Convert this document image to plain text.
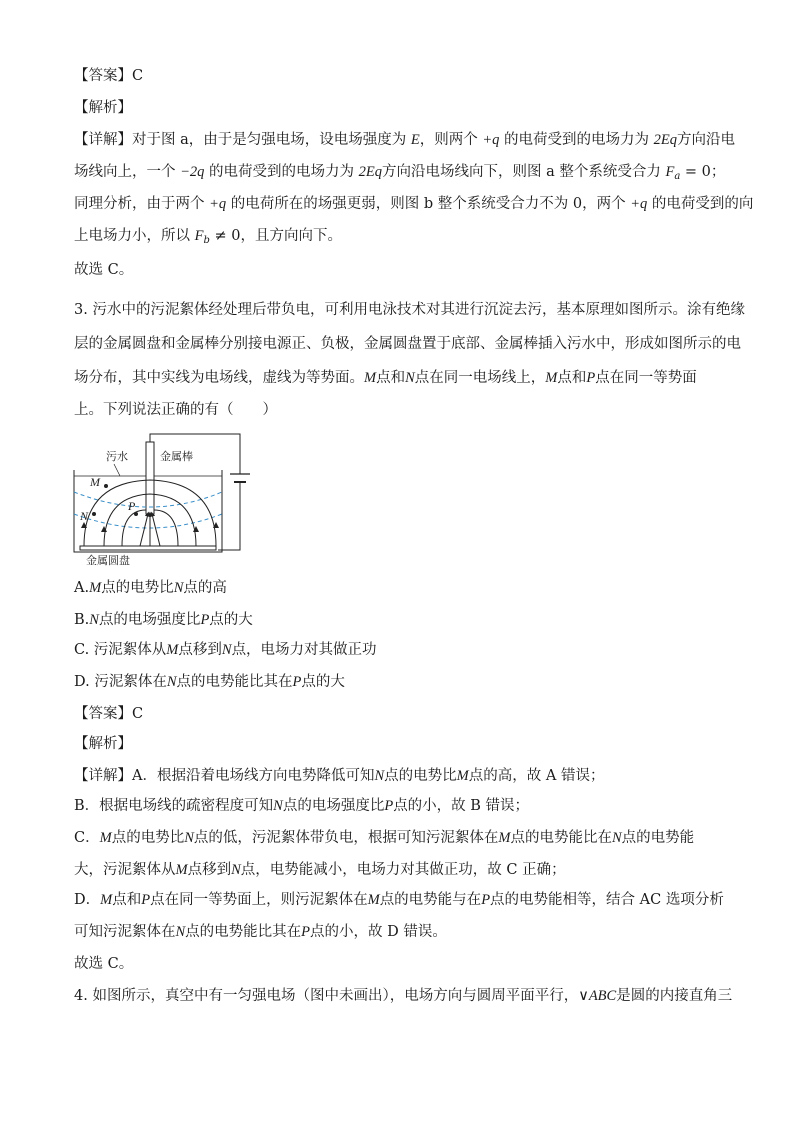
【答案】C
【解析】
【详解】对于图 a，由于是匀强电场，设电场强度为 E，则两个 +q 的电荷受到的电场力为 2Eq方向沿电
场线向上，一个 −2q 的电荷受到的电场力为 2Eq方向沿电场线向下，则图 a 整个系统受合力 $F_a = 0$；
同理分析，由于两个 +q 的电荷所在的场强更弱，则图 b 整个系统受合力不为 0，两个 +q 的电荷受到的向
上电场力小，所以 $F_b \ne 0$，且方向向下。
故选 C。
3. 污水中的污泥絮体经处理后带负电，可利用电泳技术对其进行沉淀去污，基本原理如图所示。涂有绝缘
层的金属圆盘和金属棒分别接电源正、负极，金属圆盘置于底部、金属棒插入污水中，形成如图所示的电
场分布，其中实线为电场线，虚线为等势面。M点和N点在同一电场线上，M点和P点在同一等势面
上。下列说法正确的有（　　）
污水	金属棒
金属圆盘
M
N
P
A.M点的电势比N点的高
B.N点的电场强度比P点的大
C. 污泥絮体从M点移到N点，电场力对其做正功
D. 污泥絮体在N点的电势能比其在P点的大
【答案】C
【解析】
【详解】A．根据沿着电场线方向电势降低可知N点的电势比M点的高，故 A 错误；
B．根据电场线的疏密程度可知N点的电场强度比P点的小，故 B 错误；
C．M点的电势比N点的低，污泥絮体带负电，根据可知污泥絮体在M点的电势能比在N点的电势能
大，污泥絮体从M点移到N点，电势能减小，电场力对其做正功，故 C 正确；
D．M点和P点在同一等势面上，则污泥絮体在M点的电势能与在P点的电势能相等，结合 AC 选项分析
可知污泥絮体在N点的电势能比其在P点的小，故 D 错误。
故选 C。
4. 如图所示，真空中有一匀强电场（图中未画出），电场方向与圆周平面平行，∨ABC是圆的内接直角三
